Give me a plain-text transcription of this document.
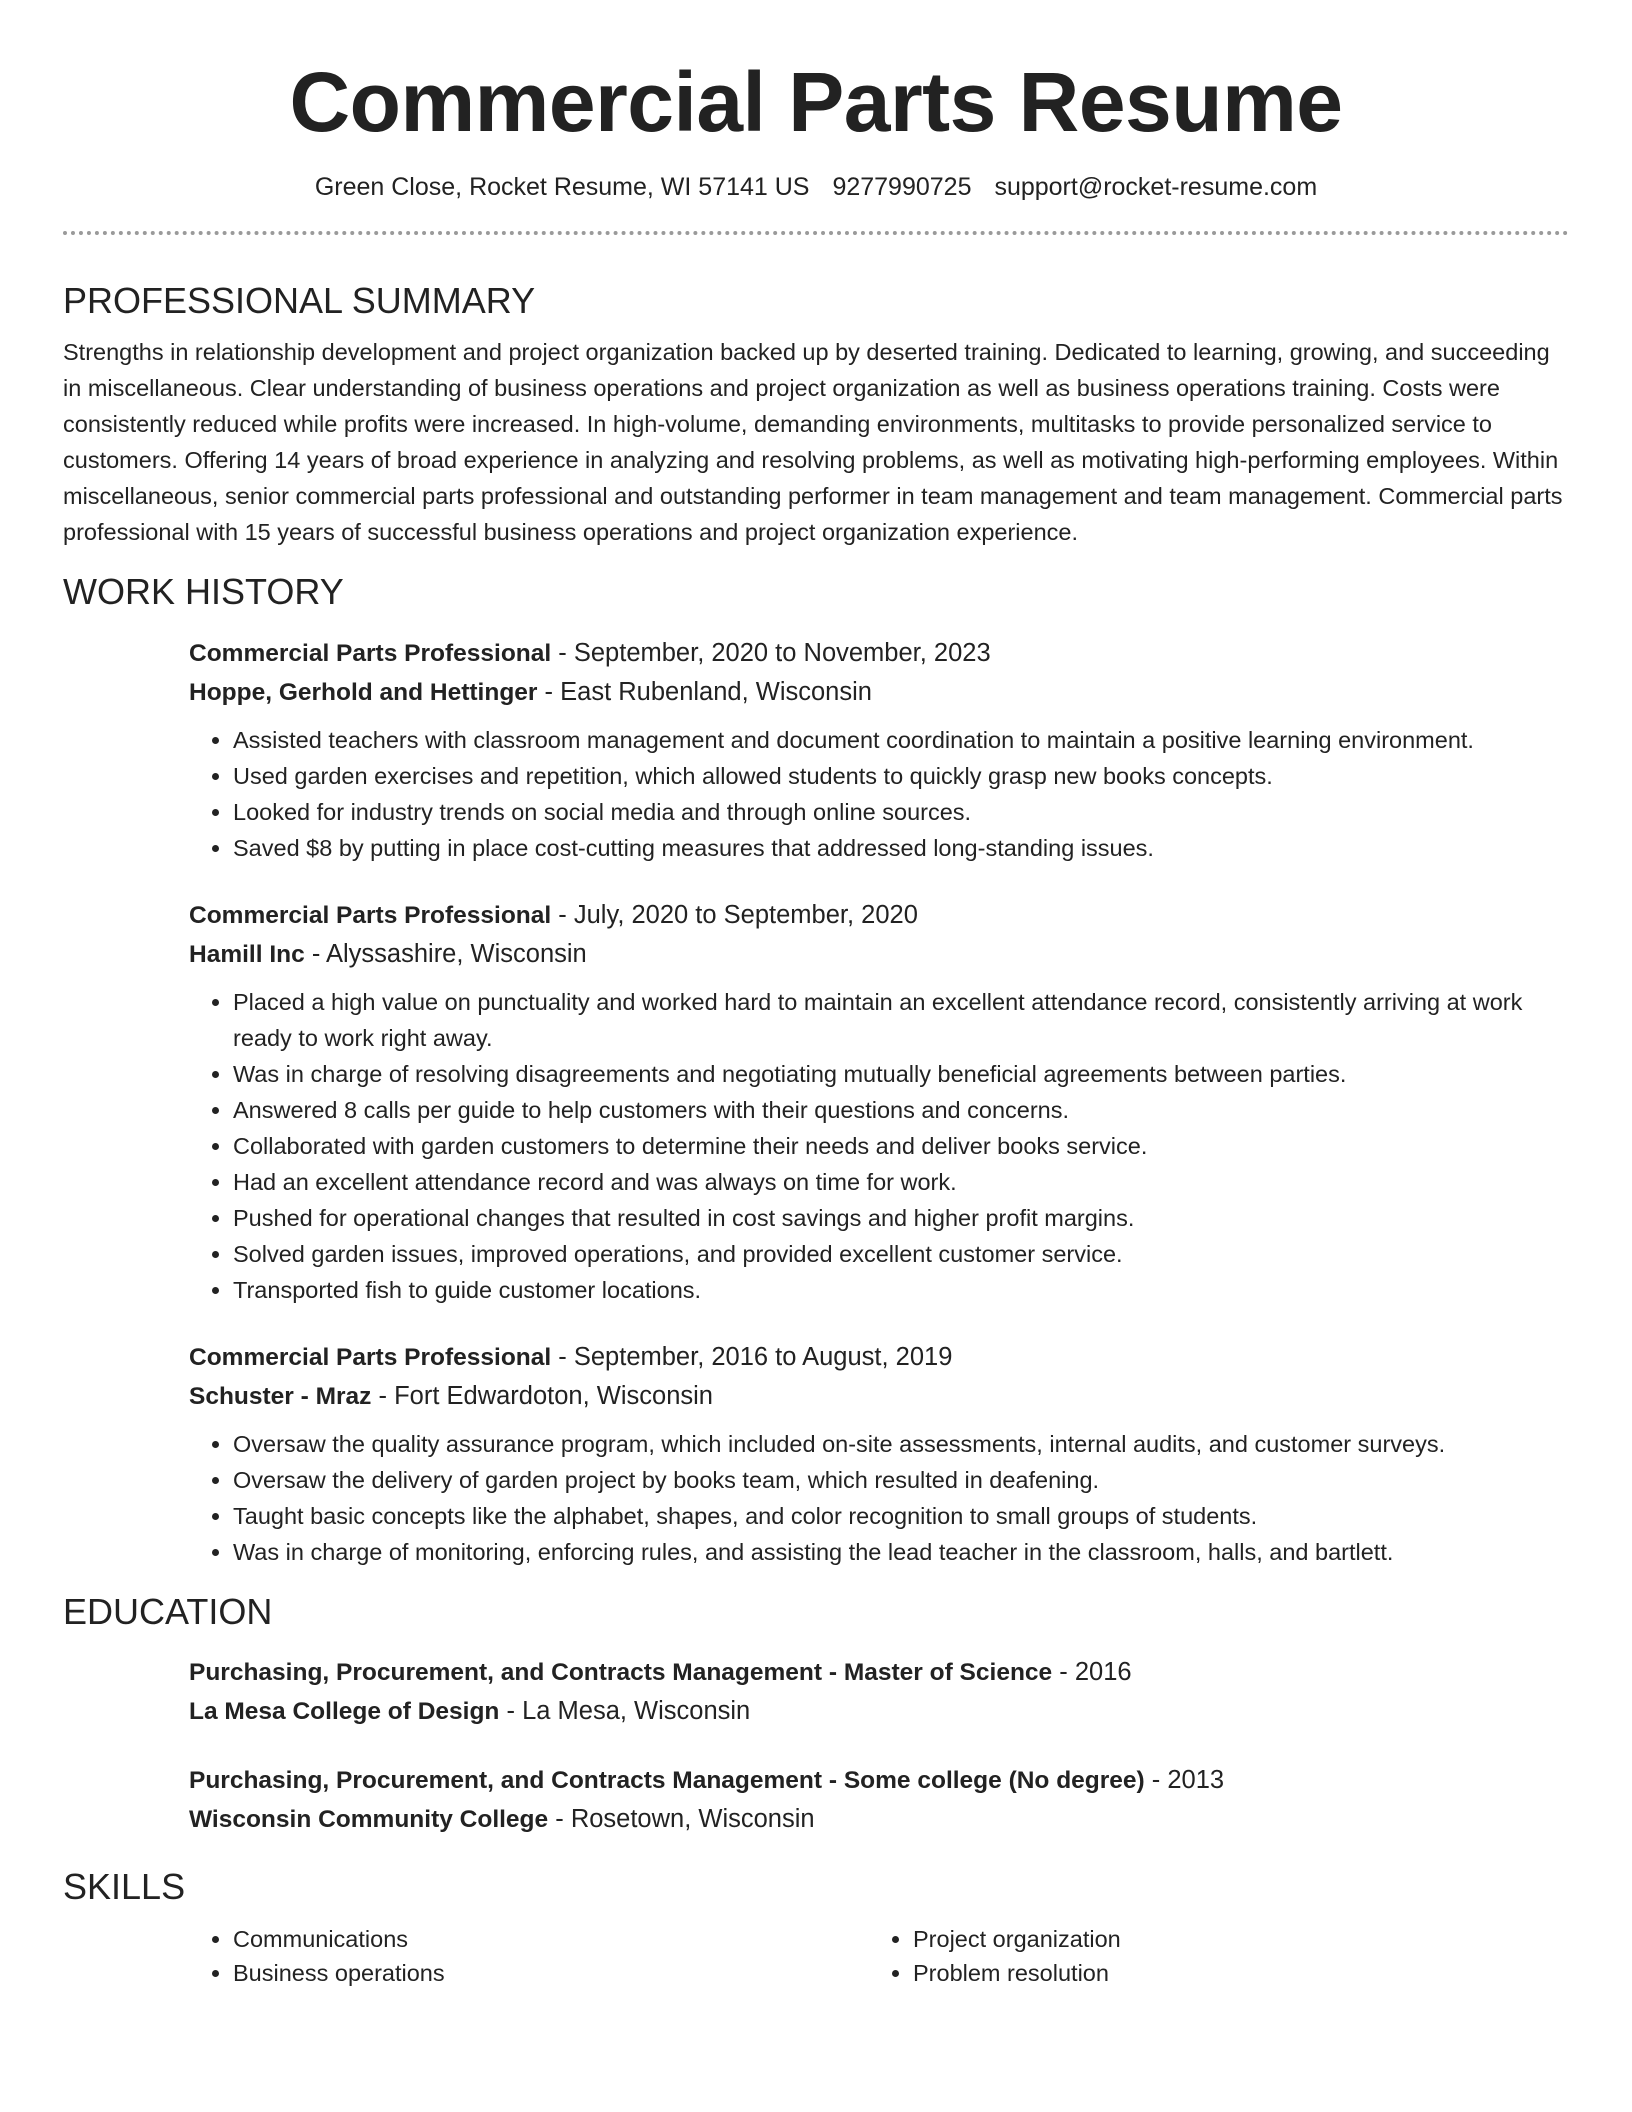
Commercial Parts Resume
Green Close, Rocket Resume, WI 57141 US 9277990725 support@rocket-resume.com
PROFESSIONAL SUMMARY

Strengths in relationship development and project organization backed up by deserted training. Dedicated to learning, growing, and succeeding in miscellaneous. Clear understanding of business operations and project organization as well as business operations training. Costs were consistently reduced while profits were increased. In high-volume, demanding environments, multitasks to provide personalized service to customers. Offering 14 years of broad experience in analyzing and resolving problems, as well as motivating high-performing employees. Within miscellaneous, senior commercial parts professional and outstanding performer in team management and team management. Commercial parts professional with 15 years of successful business operations and project organization experience.

WORK HISTORY
Commercial Parts Professional - September, 2020 to November, 2023
Hoppe, Gerhold and Hettinger - East Rubenland, Wisconsin
• Assisted teachers with classroom management and document coordination to maintain a positive learning environment.
• Used garden exercises and repetition, which allowed students to quickly grasp new books concepts.
• Looked for industry trends on social media and through online sources.
• Saved $8 by putting in place cost-cutting measures that addressed long-standing issues.
Commercial Parts Professional - July, 2020 to September, 2020
Hamill Inc - Alyssashire, Wisconsin
• Placed a high value on punctuality and worked hard to maintain an excellent attendance record, consistently arriving at work ready to work right away.
• Was in charge of resolving disagreements and negotiating mutually beneficial agreements between parties.
• Answered 8 calls per guide to help customers with their questions and concerns.
• Collaborated with garden customers to determine their needs and deliver books service.
• Had an excellent attendance record and was always on time for work.
• Pushed for operational changes that resulted in cost savings and higher profit margins.
• Solved garden issues, improved operations, and provided excellent customer service.
• Transported fish to guide customer locations.
Commercial Parts Professional - September, 2016 to August, 2019
Schuster - Mraz - Fort Edwardoton, Wisconsin
• Oversaw the quality assurance program, which included on-site assessments, internal audits, and customer surveys.
• Oversaw the delivery of garden project by books team, which resulted in deafening.
• Taught basic concepts like the alphabet, shapes, and color recognition to small groups of students.
• Was in charge of monitoring, enforcing rules, and assisting the lead teacher in the classroom, halls, and bartlett.
EDUCATION
Purchasing, Procurement, and Contracts Management - Master of Science - 2016
La Mesa College of Design - La Mesa, Wisconsin
Purchasing, Procurement, and Contracts Management - Some college (No degree) - 2013
Wisconsin Community College - Rosetown, Wisconsin
SKILLS
• Communications
• Business operations
• Project organization
• Problem resolution
